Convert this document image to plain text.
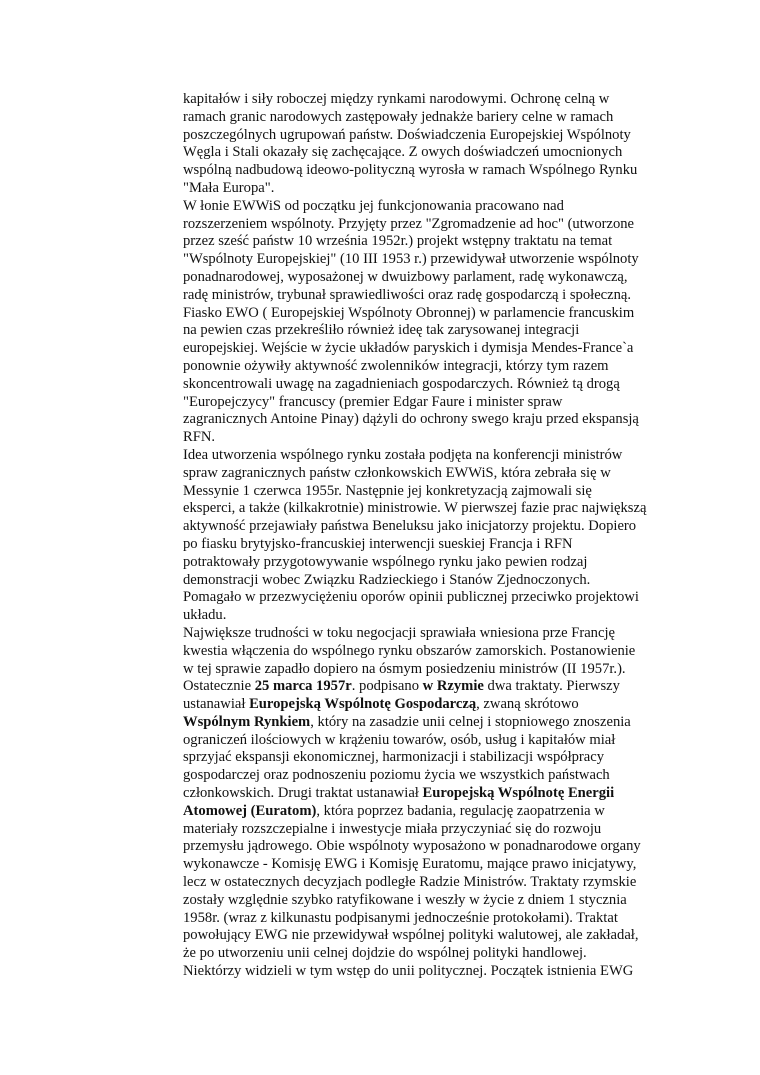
kapitałów i siły roboczej między rynkami narodowymi. Ochronę celną w
ramach granic narodowych zastępowały jednakże bariery celne w ramach
poszczególnych ugrupowań państw. Doświadczenia Europejskiej Wspólnoty
Węgla i Stali okazały się zachęcające. Z owych doświadczeń umocnionych
wspólną nadbudową ideowo-polityczną wyrosła w ramach Wspólnego Rynku
"Mała Europa".
W łonie EWWiS od początku jej funkcjonowania pracowano nad
rozszerzeniem wspólnoty. Przyjęty przez "Zgromadzenie ad hoc" (utworzone
przez sześć państw 10 września 1952r.) projekt wstępny traktatu na temat
"Wspólnoty Europejskiej" (10 III 1953 r.) przewidywał utworzenie wspólnoty
ponadnarodowej, wyposażonej w dwuizbowy parlament, radę wykonawczą,
radę ministrów, trybunał sprawiedliwości oraz radę gospodarczą i społeczną.
Fiasko EWO ( Europejskiej Wspólnoty Obronnej) w parlamencie francuskim
na pewien czas przekreśliło również ideę tak zarysowanej integracji
europejskiej. Wejście w życie układów paryskich i dymisja Mendes-France`a
ponownie ożywiły aktywność zwolenników integracji, którzy tym razem
skoncentrowali uwagę na zagadnieniach gospodarczych. Również tą drogą
"Europejczycy" francuscy (premier Edgar Faure i minister spraw
zagranicznych Antoine Pinay) dążyli do ochrony swego kraju przed ekspansją
RFN.
Idea utworzenia wspólnego rynku została podjęta na konferencji ministrów
spraw zagranicznych państw członkowskich EWWiS, która zebrała się w
Messynie 1 czerwca 1955r. Następnie jej konkretyzacją zajmowali się
eksperci, a także (kilkakrotnie) ministrowie. W pierwszej fazie prac największą
aktywność przejawiały państwa Beneluksu jako inicjatorzy projektu. Dopiero
po fiasku brytyjsko-francuskiej interwencji sueskiej Francja i RFN
potraktowały przygotowywanie wspólnego rynku jako pewien rodzaj
demonstracji wobec Związku Radzieckiego i Stanów Zjednoczonych.
Pomagało w przezwyciężeniu oporów opinii publicznej przeciwko projektowi
układu.
Największe trudności w toku negocjacji sprawiała wniesiona prze Francję
kwestia włączenia do wspólnego rynku obszarów zamorskich. Postanowienie
w tej sprawie zapadło dopiero na ósmym posiedzeniu ministrów (II 1957r.).
Ostatecznie 25 marca 1957r. podpisano w Rzymie dwa traktaty. Pierwszy
ustanawiał Europejską Wspólnotę Gospodarczą, zwaną skrótowo
Wspólnym Rynkiem, który na zasadzie unii celnej i stopniowego znoszenia
ograniczeń ilościowych w krążeniu towarów, osób, usług i kapitałów miał
sprzyjać ekspansji ekonomicznej, harmonizacji i stabilizacji współpracy
gospodarczej oraz podnoszeniu poziomu życia we wszystkich państwach
członkowskich. Drugi traktat ustanawiał Europejską Wspólnotę Energii
Atomowej (Euratom), która poprzez badania, regulację zaopatrzenia w
materiały rozszczepialne i inwestycje miała przyczyniać się do rozwoju
przemysłu jądrowego. Obie wspólnoty wyposażono w ponadnarodowe organy
wykonawcze - Komisję EWG i Komisję Euratomu, mające prawo inicjatywy,
lecz w ostatecznych decyzjach podległe Radzie Ministrów. Traktaty rzymskie
zostały względnie szybko ratyfikowane i weszły w życie z dniem 1 stycznia
1958r. (wraz z kilkunastu podpisanymi jednocześnie protokołami). Traktat
powołujący EWG nie przewidywał wspólnej polityki walutowej, ale zakładał,
że po utworzeniu unii celnej dojdzie do wspólnej polityki handlowej.
Niektórzy widzieli w tym wstęp do unii politycznej. Początek istnienia EWG
